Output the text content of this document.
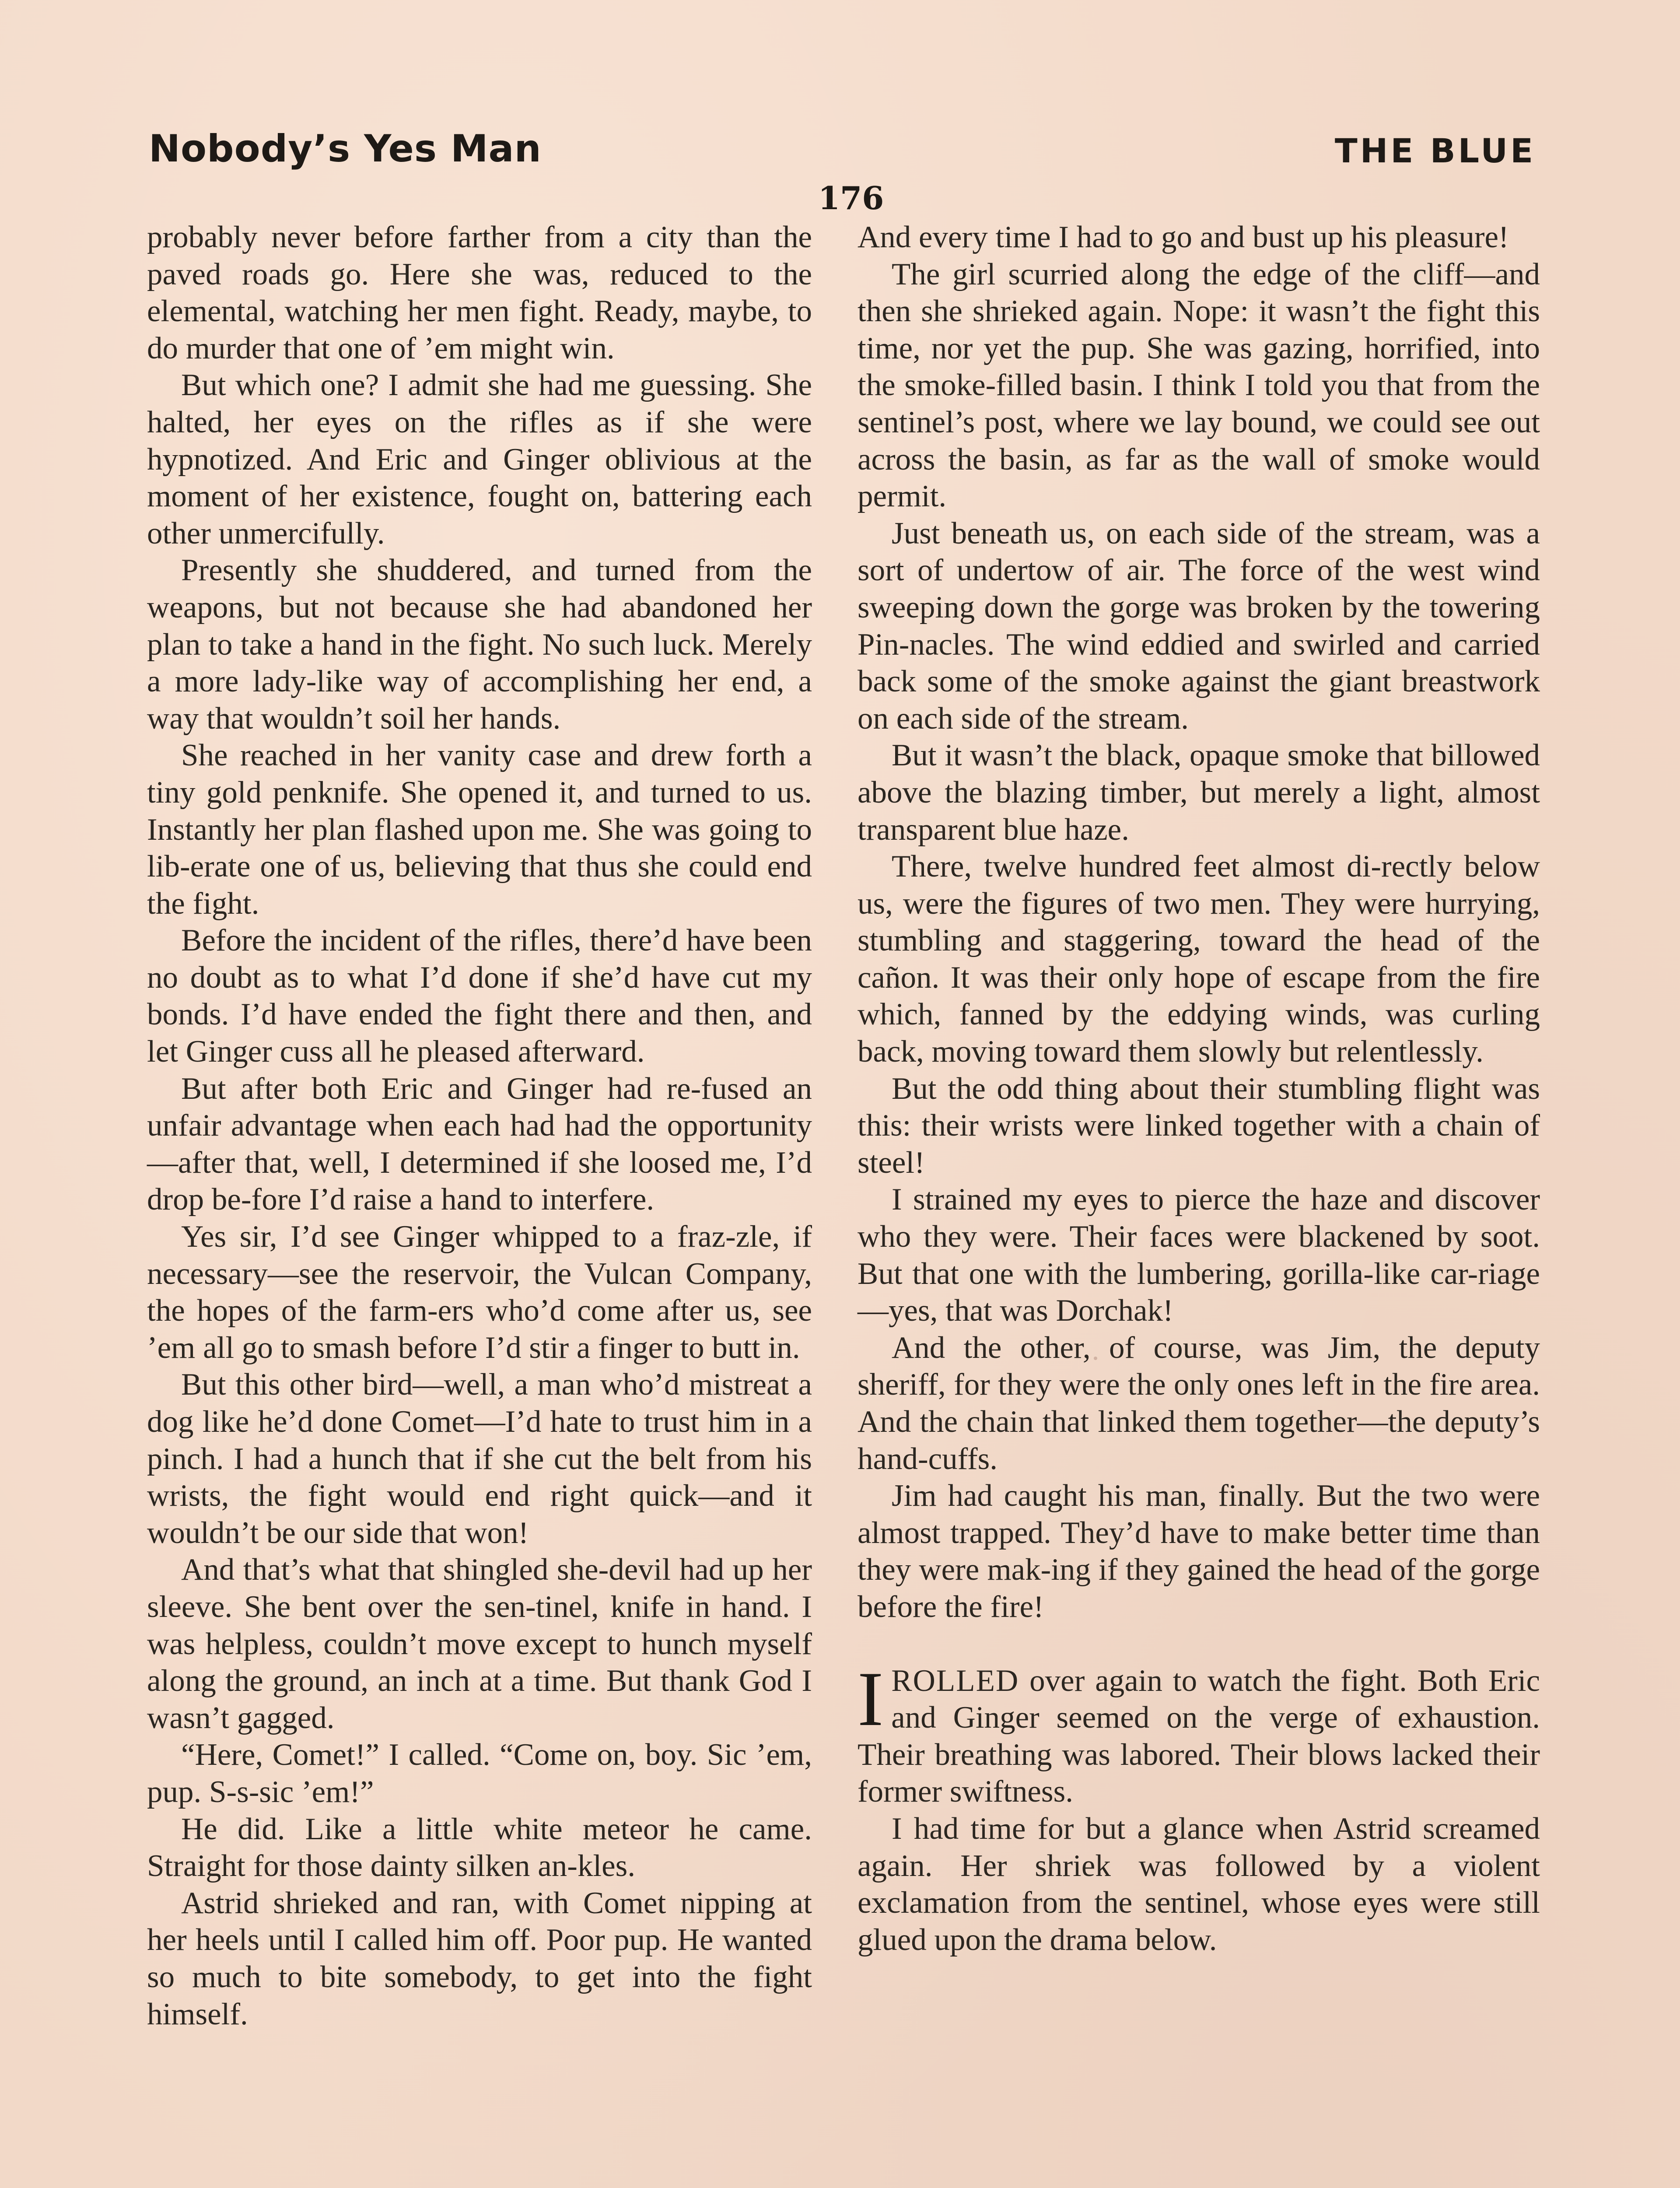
Nobody’s Yes Man	THE BLUE
176

probably never before farther from a city than the paved roads go. Here she was, reduced to the elemental, watching her men fight. Ready, maybe, to do murder that one of ’em might win.

But which one? I admit she had me guessing. She halted, her eyes on the rifles as if she were hypnotized. And Eric and Ginger oblivious at the moment of her existence, fought on, battering each other unmercifully.

Presently she shuddered, and turned from the weapons, but not because she had abandoned her plan to take a hand in the fight. No such luck. Merely a more lady-like way of accomplishing her end, a way that wouldn’t soil her hands.

She reached in her vanity case and drew forth a tiny gold penknife. She opened it, and turned to us. Instantly her plan flashed upon me. She was going to lib-erate one of us, believing that thus she could end the fight.

Before the incident of the rifles, there’d have been no doubt as to what I’d done if she’d have cut my bonds. I’d have ended the fight there and then, and let Ginger cuss all he pleased afterward.

But after both Eric and Ginger had re-fused an unfair advantage when each had had the opportunity—after that, well, I determined if she loosed me, I’d drop be-fore I’d raise a hand to interfere.

Yes sir, I’d see Ginger whipped to a fraz-zle, if necessary—see the reservoir, the Vulcan Company, the hopes of the farm-ers who’d come after us, see ’em all go to smash before I’d stir a finger to butt in.

But this other bird—well, a man who’d mistreat a dog like he’d done Comet—I’d hate to trust him in a pinch. I had a hunch that if she cut the belt from his wrists, the fight would end right quick—and it wouldn’t be our side that won!

And that’s what that shingled she-devil had up her sleeve. She bent over the sen-tinel, knife in hand. I was helpless, couldn’t move except to hunch myself along the ground, an inch at a time. But thank God I wasn’t gagged.

“Here, Comet!” I called. “Come on, boy. Sic ’em, pup. S-s-sic ’em!”

He did. Like a little white meteor he came. Straight for those dainty silken an-kles.

Astrid shrieked and ran, with Comet nipping at her heels until I called him off. Poor pup. He wanted so much to bite somebody, to get into the fight himself.

And every time I had to go and bust up his pleasure!

The girl scurried along the edge of the cliff—and then she shrieked again. Nope: it wasn’t the fight this time, nor yet the pup. She was gazing, horrified, into the smoke-filled basin. I think I told you that from the sentinel’s post, where we lay bound, we could see out across the basin, as far as the wall of smoke would permit.

Just beneath us, on each side of the stream, was a sort of undertow of air. The force of the west wind sweeping down the gorge was broken by the towering Pin-nacles. The wind eddied and swirled and carried back some of the smoke against the giant breastwork on each side of the stream.

But it wasn’t the black, opaque smoke that billowed above the blazing timber, but merely a light, almost transparent blue haze.

There, twelve hundred feet almost di-rectly below us, were the figures of two men. They were hurrying, stumbling and staggering, toward the head of the cañon. It was their only hope of escape from the fire which, fanned by the eddying winds, was curling back, moving toward them slowly but relentlessly.

But the odd thing about their stumbling flight was this: their wrists were linked together with a chain of steel!

I strained my eyes to pierce the haze and discover who they were. Their faces were blackened by soot. But that one with the lumbering, gorilla-like car-riage—yes, that was Dorchak!

And the other, of course, was Jim, the deputy sheriff, for they were the only ones left in the fire area. And the chain that linked them together—the deputy’s hand-cuffs.

Jim had caught his man, finally. But the two were almost trapped. They’d have to make better time than they were mak-ing if they gained the head of the gorge before the fire!

IROLLED over again to watch the fight. Both Eric and Ginger seemed on the verge of exhaustion. Their breathing was labored. Their blows lacked their former swiftness.

I had time for but a glance when Astrid screamed again. Her shriek was followed by a violent exclamation from the sentinel, whose eyes were still glued upon the drama below.
